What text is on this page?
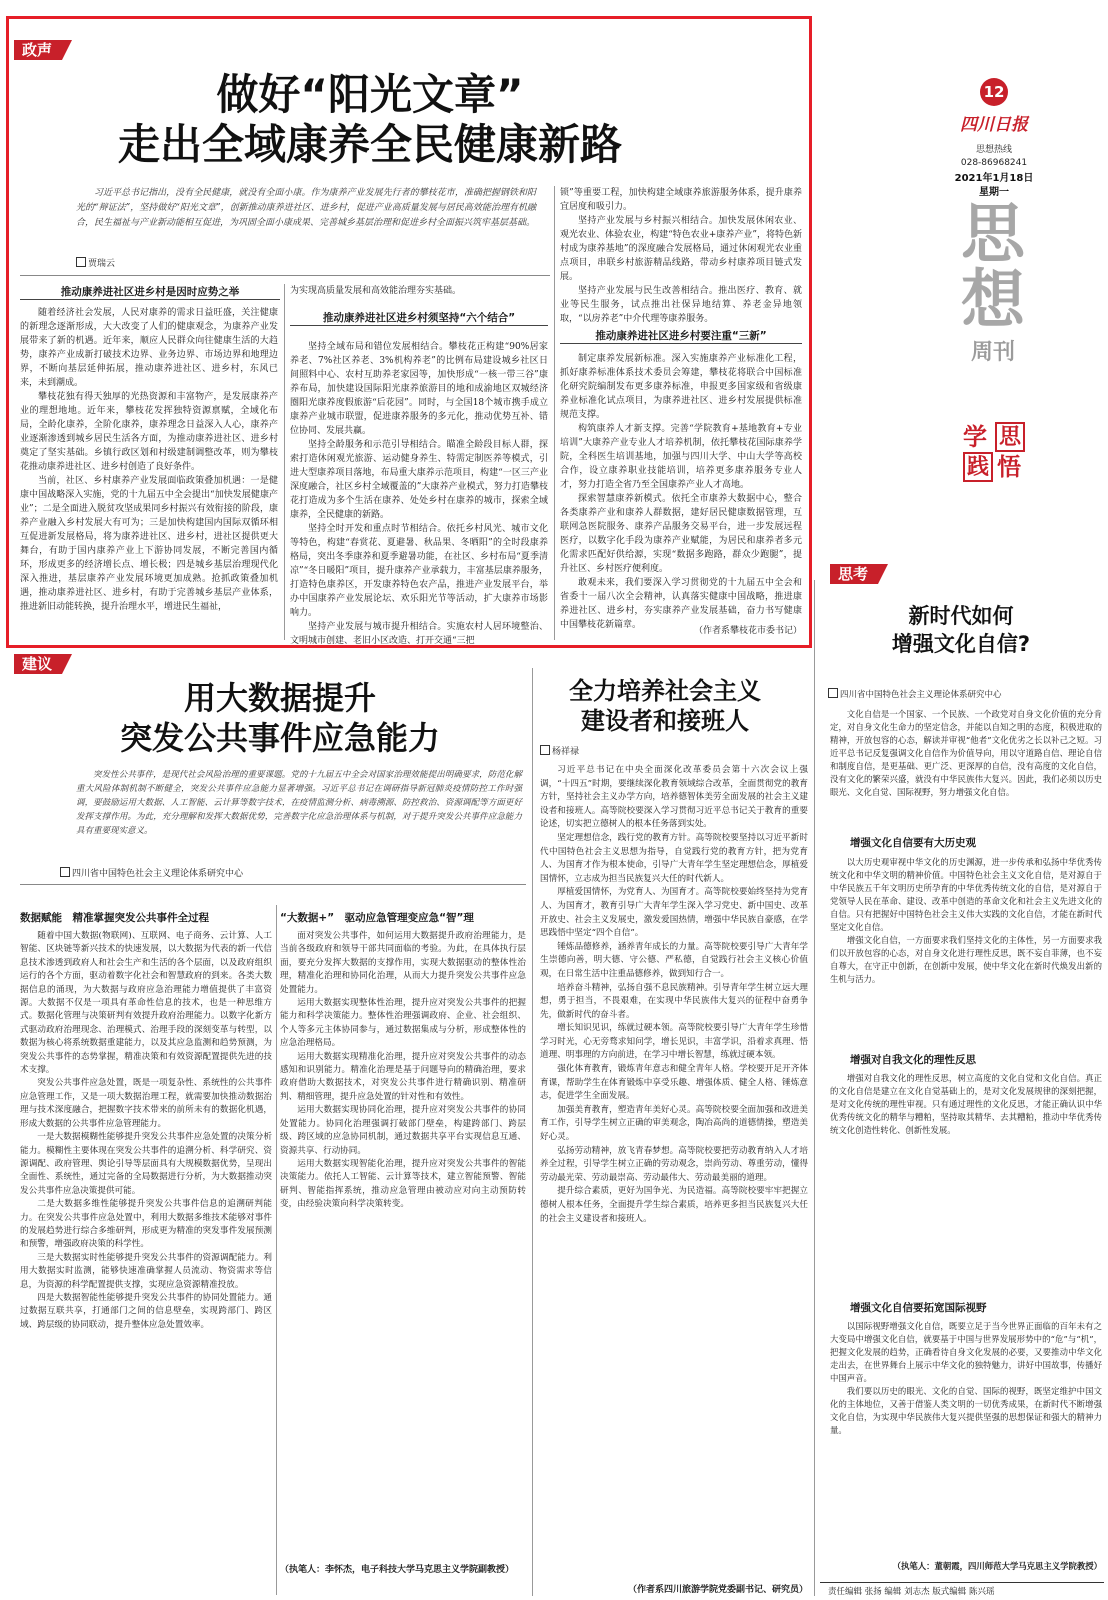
政声
做好“阳光文章”
走出全域康养全民健康新路
习近平总书记指出，没有全民健康，就没有全面小康。作为康养产业发展先行者的攀枝花市，准确把握钢铁和阳光的“辩证法”，坚持做好“阳光文章”，创新推动康养进社区、进乡村，促进产业高质量发展与居民高效能治理有机融合，民生福祉与产业新动能相互促进，为巩固全面小康成果、完善城乡基层治理和促进乡村全面振兴筑牢基层基础。
贾瑞云
推动康养进社区进乡村是因时应势之举

随着经济社会发展，人民对康养的需求日益旺盛，关注健康的新理念逐渐形成，大大改变了人们的健康观念，为康养产业发展带来了新的机遇。近年来，顺应人民群众向往健康生活的大趋势，康养产业成新打破技术边界、业务边界、市场边界和地理边界，不断向基层延伸拓展，推动康养进社区、进乡村，东风已来，未到潮成。

攀枝花独有得天独厚的光热资源和丰富物产，是发展康养产业的理想地地。近年来，攀枝花发挥独特资源禀赋，全域化布局，全龄化康养，全阶化康养，康养理念日益深入人心，康养产业逐渐渗透到城乡居民生活各方面，为推动康养进社区、进乡村奠定了坚实基础。乡镇行政区划和村级建制调整改革，则为攀枝花推动康养进社区、进乡村创造了良好条件。

当前，社区、乡村康养产业发展面临政策叠加机遇：一是健康中国战略深入实施，党的十九届五中全会提出“加快发展健康产业”；二是全面进入脱贫攻坚成果同乡村振兴有效衔接的阶段，康养产业融入乡村发展大有可为；三是加快构建国内国际双循环相互促进新发展格局，将为康养进社区、进乡村，进社区提供更大舞台，有助于国内康养产业上下游协同发展，不断完善国内循环，形成更多的经济增长点、增长极；四是城乡基层治理现代化深入推进，基层康养产业发展环境更加成熟。抢抓政策叠加机遇，推动康养进社区、进乡村，有助于完善城乡基层产业体系，推进新旧动能转换，提升治理水平，增进民生福祉，

为实现高质量发展和高效能治理夯实基础。
推动康养进社区进乡村须坚持“六个结合”

坚持全域布局和错位发展相结合。攀枝花正构建“90%居家养老、7%社区养老、3%机构养老”的比例布局建设城乡社区日间照料中心、农村互助养老家园等，加快形成“一核一带三谷”康养布局，加快建设国际阳光康养旅游目的地和成渝地区双城经济圈阳光康养度假旅游“后花园”。同时，与全国18个城市携手成立康养产业城市联盟，促进康养服务的多元化，推动优势互补、错位协同、发展共赢。

坚持全龄服务和示范引导相结合。瞄准全龄段目标人群，探索打造休闲观光旅游、运动健身养生、特需定制医养等模式，引进大型康养项目落地，布局重大康养示范项目，构建“一区三产业深度融合，社区乡村全域覆盖的”大康养产业模式，努力打造攀枝花打造成为多个生活在康养、处处乡村在康养的城市，探索全域康养，全民健康的新路。

坚持全时开发和重点时节相结合。依托乡村风光、城市文化等特色，构建“春赏花、夏避暑、秋品果、冬晒阳”的全时段康养格局，突出冬季康养和夏季避暑功能，在社区、乡村布局“夏季清凉”“冬日暖阳”项目，提升康养产业承载力，丰富基层康养服务，打造特色康养区，开发康养特色农产品，推进产业发展平台，举办中国康养产业发展论坛、欢乐阳光节等活动，扩大康养市场影响力。

坚持产业发展与城市提升相结合。实施农村人居环境整治、文明城市创建、老旧小区改造、打开交通“三把

锁”等重要工程，加快构建全域康养旅游服务体系，提升康养宜居度和吸引力。

坚持产业发展与乡村振兴相结合。加快发展休闲农业、观光农业、体验农业，构建“特色农业+康养产业”，将特色新村成为康养基地”的深度融合发展格局，通过休闲观光农业重点项目，串联乡村旅游精品线路，带动乡村康养项目链式发展。

坚持产业发展与民生改善相结合。推出医疗、教育、就业等民生服务，试点推出社保异地结算、养老金异地领取，“以房养老”中介代理等康养服务。

推动康养进社区进乡村要注重“三新”

制定康养发展新标准。深入实施康养产业标准化工程，抓好康养标准体系技术委员会筹建，攀枝花将联合中国标准化研究院编制发布更多康养标准，申报更多国家级和省级康养业标准化试点项目，为康养进社区、进乡村发展提供标准规范支撑。

构筑康养人才新支撑。完善“学院教育+基地教育+专业培训”大康养产业专业人才培养机制，依托攀枝花国际康养学院，全科医生培训基地，加强与四川大学、中山大学等高校合作，设立康养职业技能培训，培养更多康养服务专业人才，努力打造全省乃至全国康养产业人才高地。

探索智慧康养新模式。依托全市康养大数据中心，整合各类康养产业和康养人群数据，建好居民健康数据管理，互联网急医院服务、康养产品服务交易平台，进一步发展远程医疗，以数字化手段为康养产业赋能，为居民和康养者多元化需求匹配好供给源，实现“数据多跑路，群众少跑腿”，提升社区、乡村医疗便利度。

敢观未来，我们要深入学习贯彻党的十九届五中全会和省委十一届八次全会精神，认真落实健康中国战略，推进康养进社区、进乡村，夯实康养产业发展基础，奋力书写健康中国攀枝花新篇章。

（作者系攀枝花市委书记）
12
四川日报
思想热线
028-86968241
2021年1月18日
星期一
思想
周刊
学 思
践 悟
建议
用大数据提升
突发公共事件应急能力
突发性公共事件，是现代社会风险治理的重要课题。党的十九届五中全会对国家治理效能提出明确要求，防范化解重大风险体制机制不断健全，突发公共事件应急能力显著增强。习近平总书记在调研指导新冠肺炎疫情防控工作时强调，要鼓励运用大数据、人工智能、云计算等数字技术，在疫情监测分析、病毒溯源、防控救治、资源调配等方面更好发挥支撑作用。为此，充分理解和发挥大数据优势，完善数字化应急治理体系与机制，对于提升突发公共事件应急能力具有重要现实意义。
四川省中国特色社会主义理论体系研究中心
数据赋能　精准掌握突发公共事件全过程

随着中国大数据(物联网)、互联网、电子商务、云计算、人工智能、区块链等新兴技术的快速发展，以大数据为代表的新一代信息技术渗透到政府人和社会生产和生活的各个层面，以及政府组织运行的各个方面，驱动着数字化社会和智慧政府的到来。各类大数据信息的涌现，为大数据与政府应急治理能力增值提供了丰富资源。大数据不仅是一项具有革命性信息的技术，也是一种思维方式。数据化管理与决策研判有效提升政府治理能力。以数字化新方式驱动政府治理现念、治理模式、治理手段的深刻变革与转型，以数据为核心将系统数据重建能力，以及其应急监测和趋势预测，为突发公共事件的态势掌握，精准决策和有效资源配置提供先进的技术支撑。

突发公共事件应急处置，既是一项复杂性、系统性的公共事件应急管理工作，又是一项大数据治理工程，就需要加快推动数据治理与技术深度融合，把握数字技术带来的前所未有的数据化机遇，形成大数据的公共事件应急管理能力。

一是大数据模糊性能够提升突发公共事件应急处置的决策分析能力。模糊性主要体现在突发公共事件的追溯分析、科学研究、资源调配、政府管理、舆论引导等层面具有大规模数据优势，呈现出全面性、系统性，通过完备的全局数据进行分析，为大数据推动突发公共事件应急决策提供可能。

二是大数据多维性能够提升突发公共事件信息的追溯研判能力。在突发公共事件应急处置中，利用大数据多维技术能够对事件的发展趋势进行综合多维研判，形成更为精准的突发事件发展预测和预警，增强政府决策的科学性。

三是大数据实时性能够提升突发公共事件的资源调配能力。利用大数据实时监测，能够快速准确掌握人员流动、物资需求等信息，为资源的科学配置提供支撑，实现应急资源精准投放。

四是大数据智能性能够提升突发公共事件的协同处置能力。通过数据互联共享，打通部门之间的信息壁垒，实现跨部门、跨区域、跨层级的协同联动，提升整体应急处置效率。

“大数据+”　驱动应急管理变应急“智”理

面对突发公共事件，如何运用大数据提升政府治理能力，是当前各级政府和领导干部共同面临的考验。为此，在具体执行层面，要充分发挥大数据的支撑作用，实现大数据驱动的整体性治理，精准化治理和协同化治理，从而大力提升突发公共事件应急处置能力。

运用大数据实现整体性治理，提升应对突发公共事件的把握能力和科学决策能力。整体性治理强调政府、企业、社会组织、个人等多元主体协同参与，通过数据集成与分析，形成整体性的应急治理格局。

运用大数据实现精准化治理，提升应对突发公共事件的动态感知和识别能力。精准化治理是基于问题导向的精确治理，要求政府借助大数据技术，对突发公共事件进行精确识别、精准研判、精细管理，提升应急处置的针对性和有效性。

运用大数据实现协同化治理，提升应对突发公共事件的协同处置能力。协同化治理强调打破部门壁垒，构建跨部门、跨层级、跨区域的应急协同机制，通过数据共享平台实现信息互通、资源共享、行动协同。

运用大数据实现智能化治理，提升应对突发公共事件的智能决策能力。依托人工智能、云计算等技术，建立智能预警、智能研判、智能指挥系统，推动应急管理由被动应对向主动预防转变，由经验决策向科学决策转变。

（执笔人：李怀杰，电子科技大学马克思主义学院副教授）
全力培养社会主义
建设者和接班人
杨祥禄

习近平总书记在中央全面深化改革委员会第十六次会议上强调，“十四五”时期，要继续深化教育领域综合改革，全面贯彻党的教育方针，坚持社会主义办学方向，培养德智体美劳全面发展的社会主义建设者和接班人。高等院校要深入学习贯彻习近平总书记关于教育的重要论述，切实把立德树人的根本任务落到实处。

坚定理想信念，践行党的教育方针。高等院校要坚持以习近平新时代中国特色社会主义思想为指导，自觉践行党的教育方针，把为党育人、为国育才作为根本使命，引导广大青年学生坚定理想信念，厚植爱国情怀，立志成为担当民族复兴大任的时代新人。

厚植爱国情怀，为党育人、为国育才。高等院校要始终坚持为党育人、为国育才，教育引导广大青年学生深入学习党史、新中国史、改革开放史、社会主义发展史，激发爱国热情，增强中华民族自豪感，在学思践悟中坚定“四个自信”。

锤炼品德修养，涵养青年成长的力量。高等院校要引导广大青年学生崇德向善，明大德、守公德、严私德，自觉践行社会主义核心价值观，在日常生活中注重品德修养，做到知行合一。

培养奋斗精神，弘扬自强不息民族精神。引导青年学生树立远大理想，勇于担当，不畏艰难，在实现中华民族伟大复兴的征程中奋勇争先，做新时代的奋斗者。

增长知识见识，练就过硬本领。高等院校要引导广大青年学生珍惜学习时光，心无旁骛求知问学，增长见识，丰富学识，沿着求真理、悟道理、明事理的方向前进，在学习中增长智慧，练就过硬本领。

强化体育教育，锻炼青年意志和健全青年人格。学校要开足开齐体育课，帮助学生在体育锻炼中享受乐趣、增强体质、健全人格、锤炼意志，促进学生全面发展。

加强美育教育，塑造青年美好心灵。高等院校要全面加强和改进美育工作，引导学生树立正确的审美观念，陶冶高尚的道德情操，塑造美好心灵。

弘扬劳动精神，放飞青春梦想。高等院校要把劳动教育纳入人才培养全过程，引导学生树立正确的劳动观念，崇尚劳动、尊重劳动，懂得劳动最光荣、劳动最崇高、劳动最伟大、劳动最美丽的道理。

提升综合素质，更好为国争光、为民造福。高等院校要牢牢把握立德树人根本任务，全面提升学生综合素质，培养更多担当民族复兴大任的社会主义建设者和接班人。

（作者系四川旅游学院党委副书记、研究员）
思考
新时代如何
增强文化自信?
四川省中国特色社会主义理论体系研究中心
文化自信是一个国家、一个民族、一个政党对自身文化价值的充分肯定，对自身文化生命力的坚定信念，并能以自知之明的态度，积极进取的精神，开放包容的心态，解读并审视“他者”文化优劣之长以补己之短。习近平总书记反复强调文化自信作为价值导向，用以守道路自信、理论自信和制度自信，是更基础、更广泛、更深厚的自信，没有高度的文化自信，没有文化的繁荣兴盛，就没有中华民族伟大复兴。因此，我们必须以历史眼光、文化自觉、国际视野，努力增强文化自信。
增强文化自信要有大历史观

以大历史观审视中华文化的历史渊源，进一步传承和弘扬中华优秀传统文化和中华文明的精神价值。中国特色社会主义文化自信，是对源自于中华民族五千年文明历史所孕育的中华优秀传统文化的自信，是对源自于党领导人民在革命、建设、改革中创造的革命文化和社会主义先进文化的自信。只有把握好中国特色社会主义伟大实践的文化自信，才能在新时代坚定文化自信。

增强文化自信，一方面要求我们坚持文化的主体性，另一方面要求我们以开放包容的心态，对自身文化进行理性反思，既不妄自菲薄，也不妄自尊大，在守正中创新，在创新中发展，使中华文化在新时代焕发出新的生机与活力。

增强对自我文化的理性反思
增强对自我文化的理性反思，树立高度的文化自觉和文化自信。真正的文化自信是建立在文化自觉基础上的，是对文化发展规律的深刻把握，是对文化传统的理性审视。只有通过理性的文化反思，才能正确认识中华优秀传统文化的精华与糟粕，坚持取其精华、去其糟粕，推动中华优秀传统文化创造性转化、创新性发展。
增强文化自信要拓宽国际视野

以国际视野增强文化自信，既要立足于当今世界正面临的百年未有之大变局中增强文化自信，就要基于中国与世界发展形势中的“危”与“机”，把握文化发展的趋势，正确看待自身文化发展的必要，又要推动中华文化走出去，在世界舞台上展示中华文化的独特魅力，讲好中国故事，传播好中国声音。

我们要以历史的眼光、文化的自觉、国际的视野，既坚定维护中国文化的主体地位，又善于借鉴人类文明的一切优秀成果，在新时代不断增强文化自信，为实现中华民族伟大复兴提供坚强的思想保证和强大的精神力量。

（执笔人：董朝霞，四川师范大学马克思主义学院教授）
责任编辑 张扬 编辑 刘志杰 版式编辑 陈兴瑶
